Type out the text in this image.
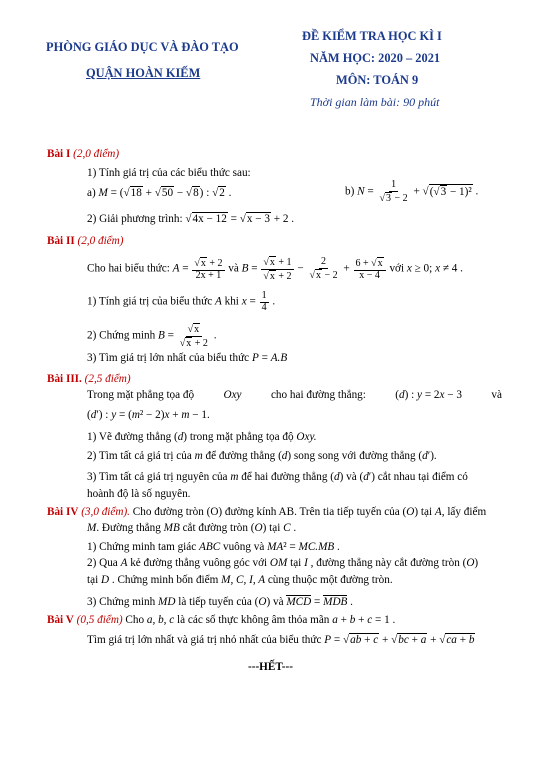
PHÒNG GIÁO DỤC VÀ ĐÀO TẠO
QUẬN HOÀN KIẾM
ĐỀ KIỂM TRA HỌC KÌ I
NĂM HỌC: 2020 – 2021
MÔN: TOÁN 9
Thời gian làm bài: 90 phút
Bài I (2,0 điểm)
1) Tính giá trị của các biểu thức sau:
a) M = (√18 + √50 − √8) : √2 .	b) $N = \frac{1}{√3 - 2} + √(√3 - 1)^2$ .
2) Giải phương trình: √4x − 12 = √x − 3 + 2 .
Bài II (2,0 điểm)
Cho hai biểu thức: $A = \frac{√x + 2}{2x + 1}$ và $B = \frac{√x + 1}{√x + 2} - \frac{2}{√x - 2} + \frac{6 + √x}{x - 4}$ với x ≥ 0; x ≠ 4 .
1) Tính giá trị của biểu thức A khi $x = \frac{1}{4}$ .
2) Chứng minh $B = \frac{√x}{√x + 2}$ .
3) Tìm giá trị lớn nhất của biểu thức P = A.B
Bài III. (2,5 điểm)
Trong mặt phẳng tọa độ	Oxy	cho hai đường thẳng:	(d) : y = 2x − 3	và
(d′) : y = (m² − 2)x + m − 1.
1) Vẽ đường thẳng (d) trong mặt phẳng tọa độ Oxy.
2) Tìm tất cả giá trị của m để đường thẳng (d) song song với đường thẳng (d′).
3) Tìm tất cả giá trị nguyên của m để hai đường thẳng (d) và (d′) cắt nhau tại điểm có
hoành độ là số nguyên.
Bài IV (3,0 điểm). Cho đường tròn (O) đường kính AB. Trên tia tiếp tuyến của (O) tại A, lấy điểm
M. Đường thẳng MB cắt đường tròn (O) tại C .
1) Chứng minh tam giác ABC vuông và MA² = MC.MB .
2) Qua A kẻ đường thẳng vuông góc với OM tại I , đường thẳng này cắt đường tròn (O)
tại D . Chứng minh bốn điểm M, C, I, A cùng thuộc một đường tròn.
3) Chứng minh MD là tiếp tuyến của (O) và MCD = MDB .
Bài V (0,5 điểm) Cho a, b, c là các số thực không âm thỏa mãn a + b + c = 1 .
Tìm giá trị lớn nhất và giá trị nhỏ nhất của biểu thức P = √ab + c + √bc + a + √ca + b
---HẾT---
